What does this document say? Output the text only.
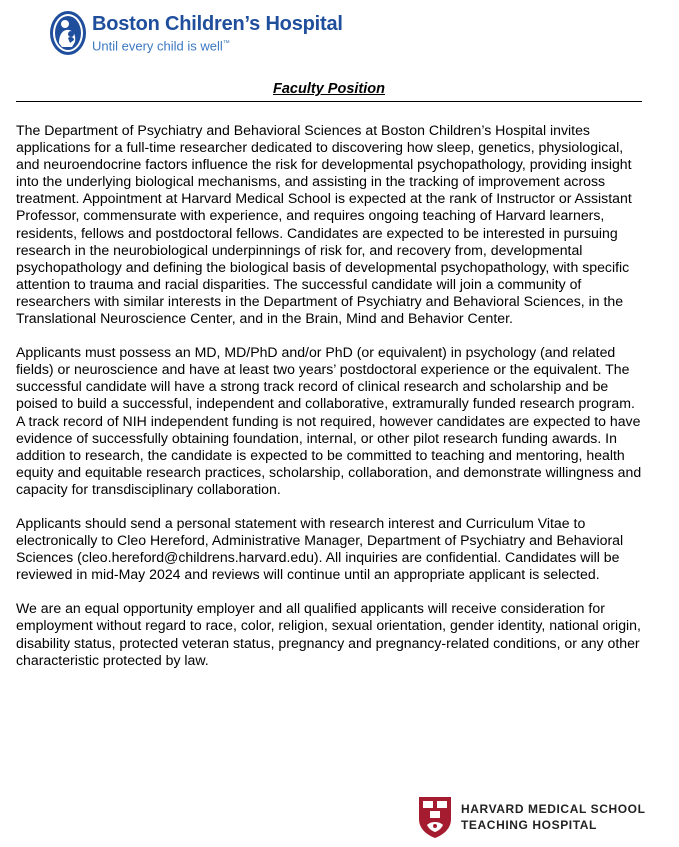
Boston Children’s Hospital
Until every child is well™
Faculty Position

The Department of Psychiatry and Behavioral Sciences at Boston Children’s Hospital invites applications for a full-time researcher dedicated to discovering how sleep, genetics, physiological, and neuroendocrine factors influence the risk for developmental psychopathology, providing insight into the underlying biological mechanisms, and assisting in the tracking of improvement across treatment. Appointment at Harvard Medical School is expected at the rank of Instructor or Assistant Professor, commensurate with experience, and requires ongoing teaching of Harvard learners, residents, fellows and postdoctoral fellows. Candidates are expected to be interested in pursuing research in the neurobiological underpinnings of risk for, and recovery from, developmental psychopathology and defining the biological basis of developmental psychopathology, with specific attention to trauma and racial disparities. The successful candidate will join a community of researchers with similar interests in the Department of Psychiatry and Behavioral Sciences, in the Translational Neuroscience Center, and in the Brain, Mind and Behavior Center.

Applicants must possess an MD, MD/PhD and/or PhD (or equivalent) in psychology (and related fields) or neuroscience and have at least two years’ postdoctoral experience or the equivalent. The successful candidate will have a strong track record of clinical research and scholarship and be poised to build a successful, independent and collaborative, extramurally funded research program. A track record of NIH independent funding is not required, however candidates are expected to have evidence of successfully obtaining foundation, internal, or other pilot research funding awards. In addition to research, the candidate is expected to be committed to teaching and mentoring, health equity and equitable research practices, scholarship, collaboration, and demonstrate willingness and capacity for transdisciplinary collaboration.

Applicants should send a personal statement with research interest and Curriculum Vitae to electronically to Cleo Hereford, Administrative Manager, Department of Psychiatry and Behavioral Sciences (cleo.hereford@childrens.harvard.edu). All inquiries are confidential. Candidates will be reviewed in mid-May 2024 and reviews will continue until an appropriate applicant is selected.

We are an equal opportunity employer and all qualified applicants will receive consideration for employment without regard to race, color, religion, sexual orientation, gender identity, national origin, disability status, protected veteran status, pregnancy and pregnancy-related conditions, or any other characteristic protected by law.

HARVARD MEDICAL SCHOOL
TEACHING HOSPITAL
